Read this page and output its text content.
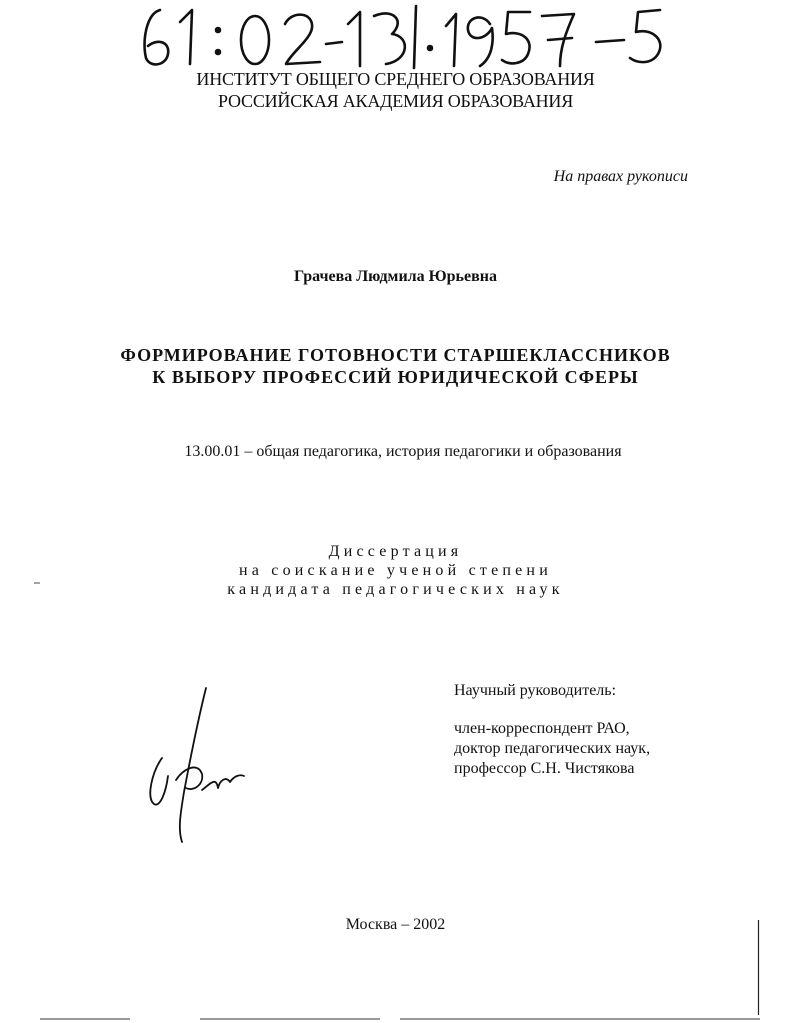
ИНСТИТУТ ОБЩЕГО СРЕДНЕГО ОБРАЗОВАНИЯ
РОССИЙСКАЯ АКАДЕМИЯ ОБРАЗОВАНИЯ
На правах рукописи
Грачева Людмила Юрьевна
ФОРМИРОВАНИЕ ГОТОВНОСТИ СТАРШЕКЛАССНИКОВ
К ВЫБОРУ ПРОФЕССИЙ ЮРИДИЧЕСКОЙ СФЕРЫ
13.00.01 – общая педагогика, история педагогики и образования
Диссертация
на соискание ученой степени
кандидата педагогических наук
Научный руководитель:
член-корреспондент РАО,
доктор педагогических наук,
профессор С.Н. Чистякова
Москва – 2002
